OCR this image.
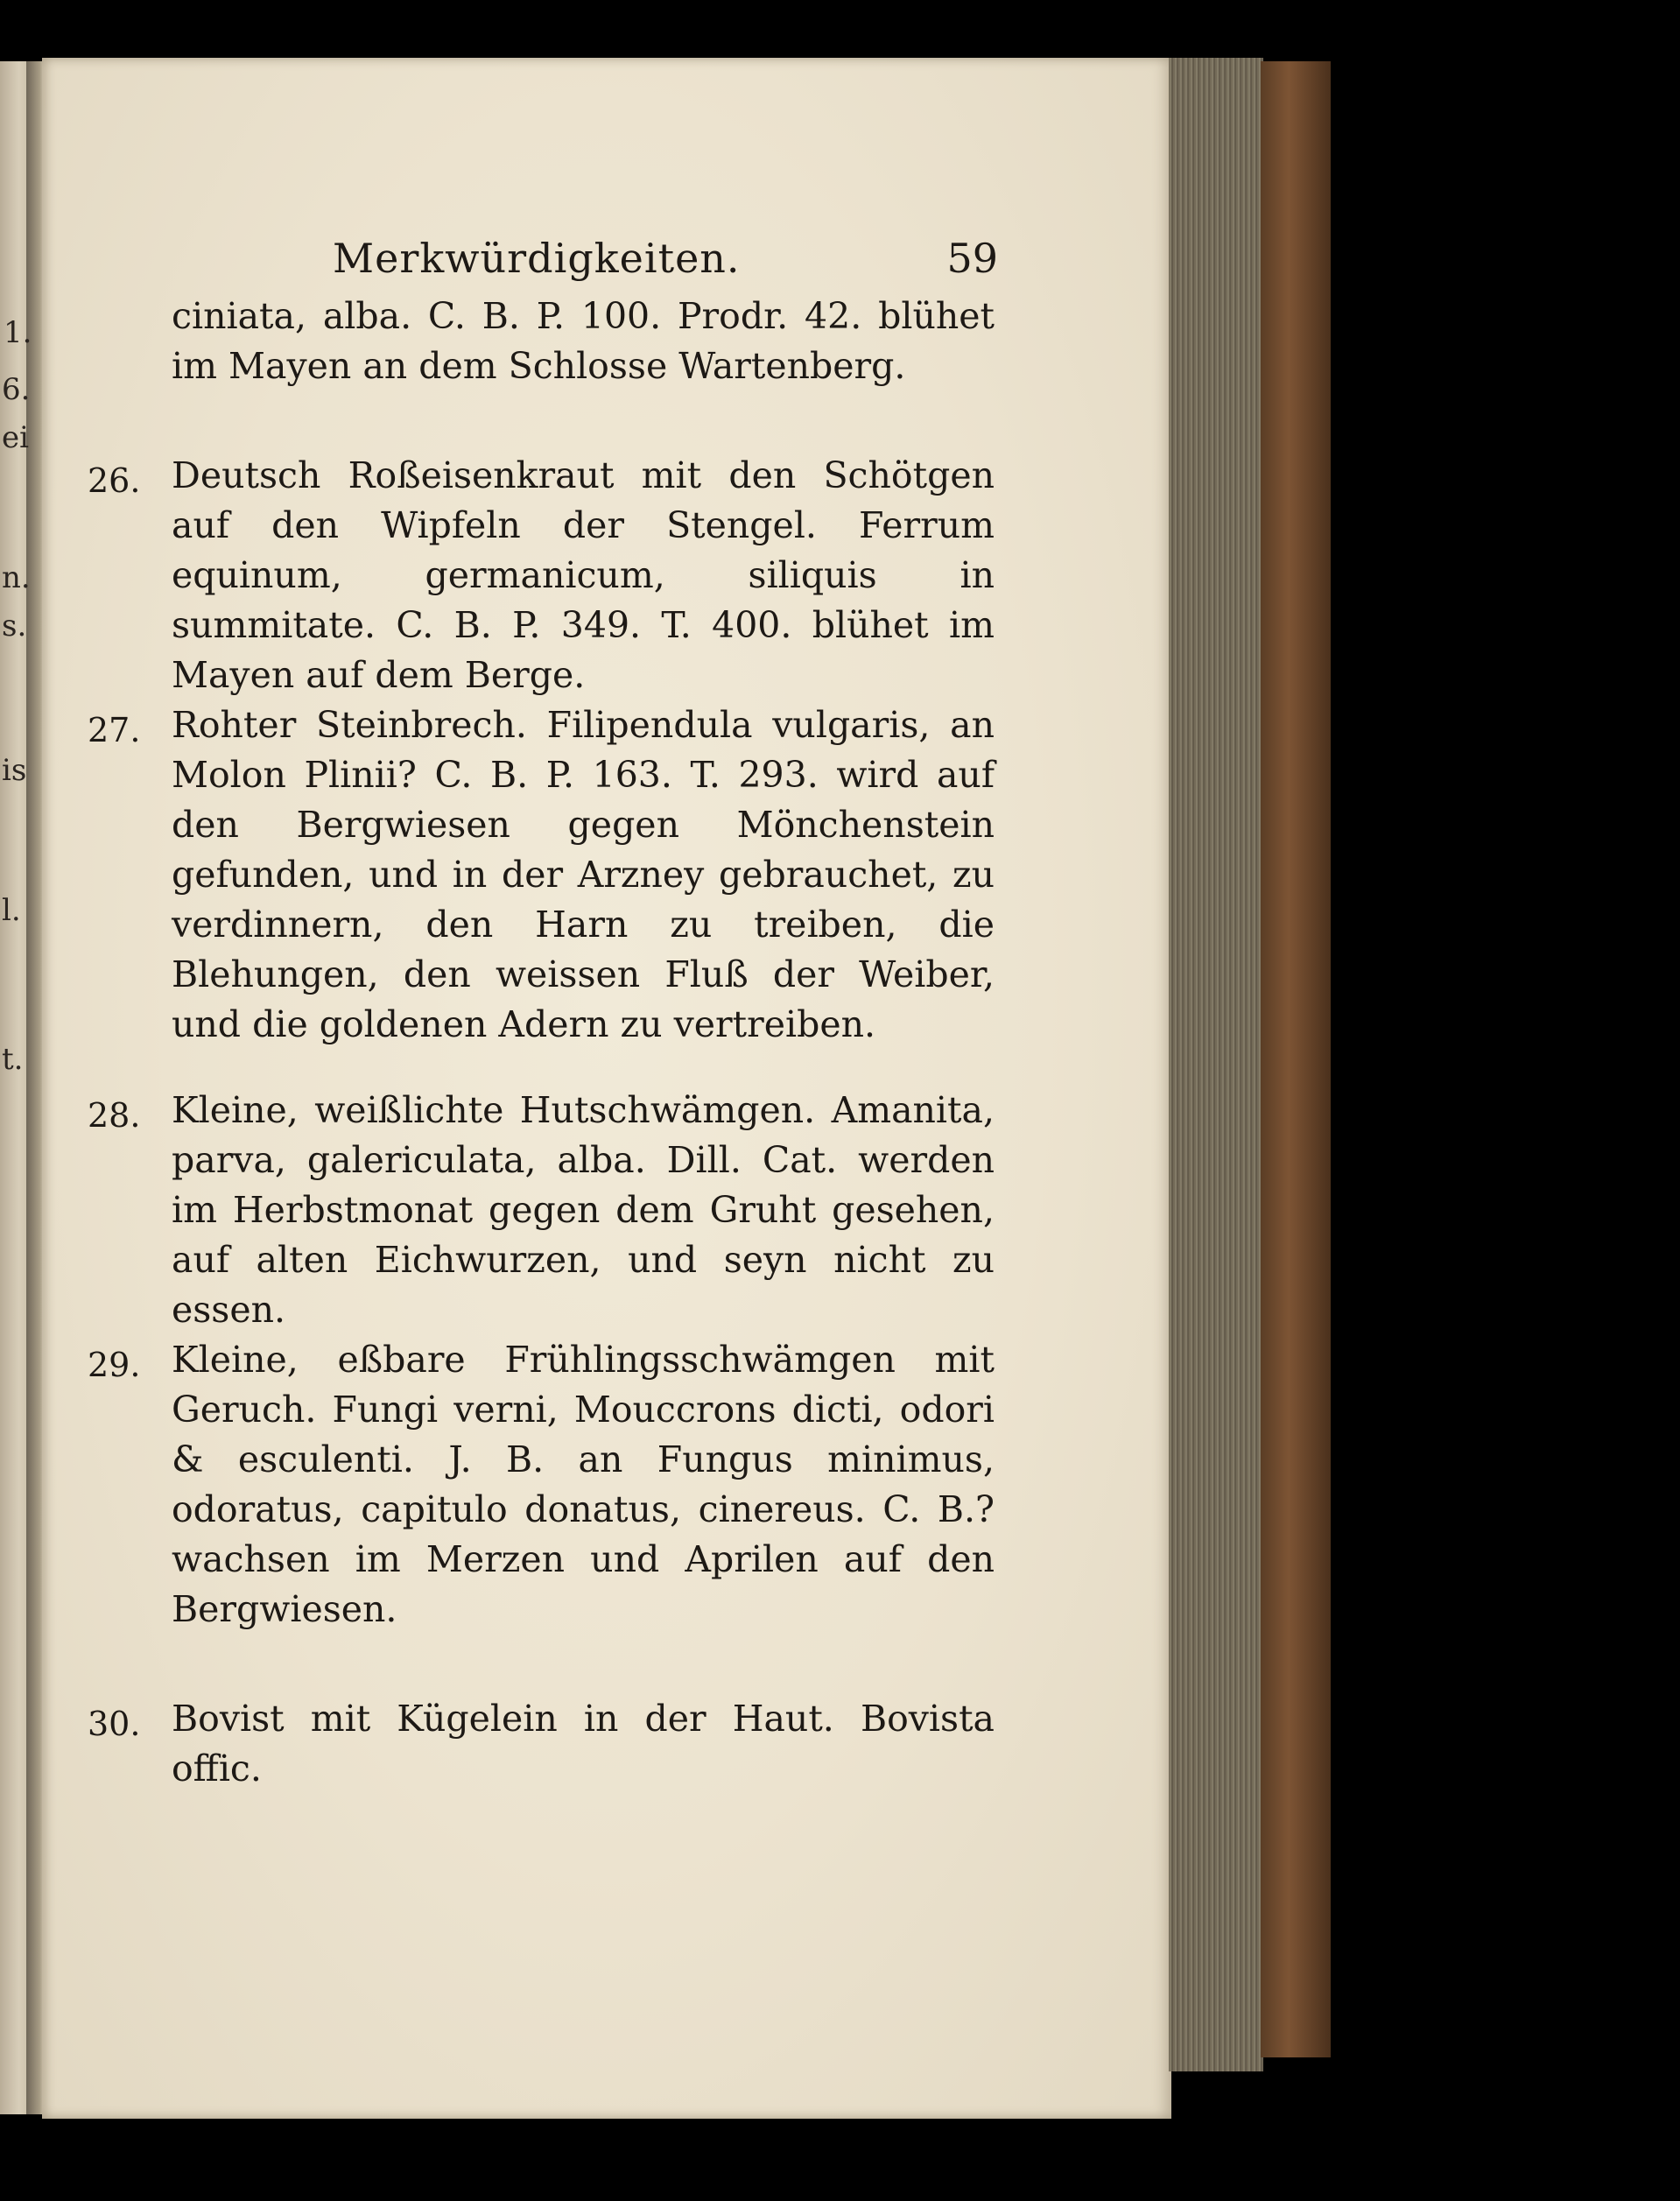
1.
6.
ei
n.
s.
is
l.
t.
Merkwürdigkeiten.	59
ciniata, alba. C. B. P. 100. Prodr. 42. blühet im Mayen an dem Schlosse Wartenberg.
26. Deutsch Roßeisenkraut mit den Schötgen auf den Wipfeln der Stengel. Ferrum equinum, germanicum, siliquis in summitate. C. B. P. 349. T. 400. blühet im Mayen auf dem Berge.
27. Rohter Steinbrech. Filipendula vulgaris, an Molon Plinii? C. B. P. 163. T. 293. wird auf den Bergwiesen gegen Mönchenstein gefunden, und in der Arzney gebrauchet, zu verdinnern, den Harn zu treiben, die Blehungen, den weissen Fluß der Weiber, und die goldenen Adern zu vertreiben.
28. Kleine, weißlichte Hutschwämgen. Amanita, parva, galericulata, alba. Dill. Cat. werden im Herbstmonat gegen dem Gruht gesehen, auf alten Eichwurzen, und seyn nicht zu essen.
29. Kleine, eßbare Frühlingsschwämgen mit Geruch. Fungi verni, Mouccrons dicti, odori & esculenti. J. B. an Fungus minimus, odoratus, capitulo donatus, cinereus. C. B.? wachsen im Merzen und Aprilen auf den Bergwiesen.
30. Bovist mit Kügelein in der Haut. Bovista offic.
